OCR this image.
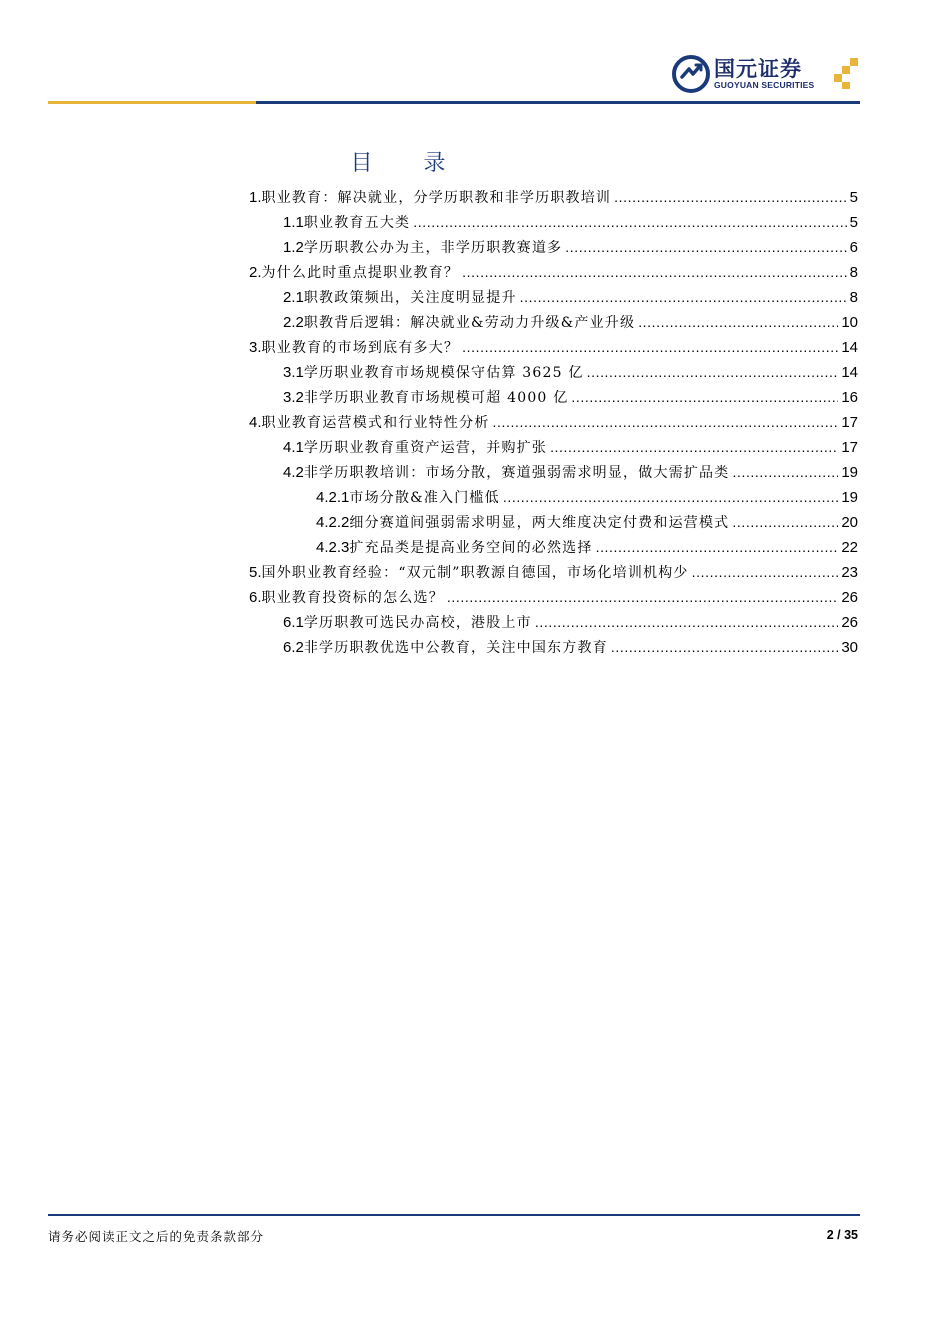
国元证券
GUOYUAN SECURITIES
目 录
1. 职业教育：解决就业，分学历职教和非学历职教培训 .....	5
1.1 职业教育五大类 .....	5
1.2 学历职教公办为主，非学历职教赛道多 .....	6
2. 为什么此时重点提职业教育？ .....	8
2.1 职教政策频出，关注度明显提升 .....	8
2.2 职教背后逻辑：解决就业&劳动力升级&产业升级 .....	10
3. 职业教育的市场到底有多大？ .....	14
3.1 学历职业教育市场规模保守估算 3625 亿 .....	14
3.2 非学历职业教育市场规模可超 4000 亿 .....	16
4. 职业教育运营模式和行业特性分析 .....	17
4.1 学历职业教育重资产运营，并购扩张 .....	17
4.2 非学历职教培训：市场分散，赛道强弱需求明显，做大需扩品类 .....	19
4.2.1 市场分散&准入门槛低 .....	19
4.2.2 细分赛道间强弱需求明显，两大维度决定付费和运营模式 .....	20
4.2.3 扩充品类是提高业务空间的必然选择 .....	22
5. 国外职业教育经验：“双元制”职教源自德国，市场化培训机构少 .....	23
6. 职业教育投资标的怎么选？ .....	26
6.1 学历职教可选民办高校，港股上市 .....	26
6.2 非学历职教优选中公教育，关注中国东方教育 .....	30
请务必阅读正文之后的免责条款部分	2 / 35
